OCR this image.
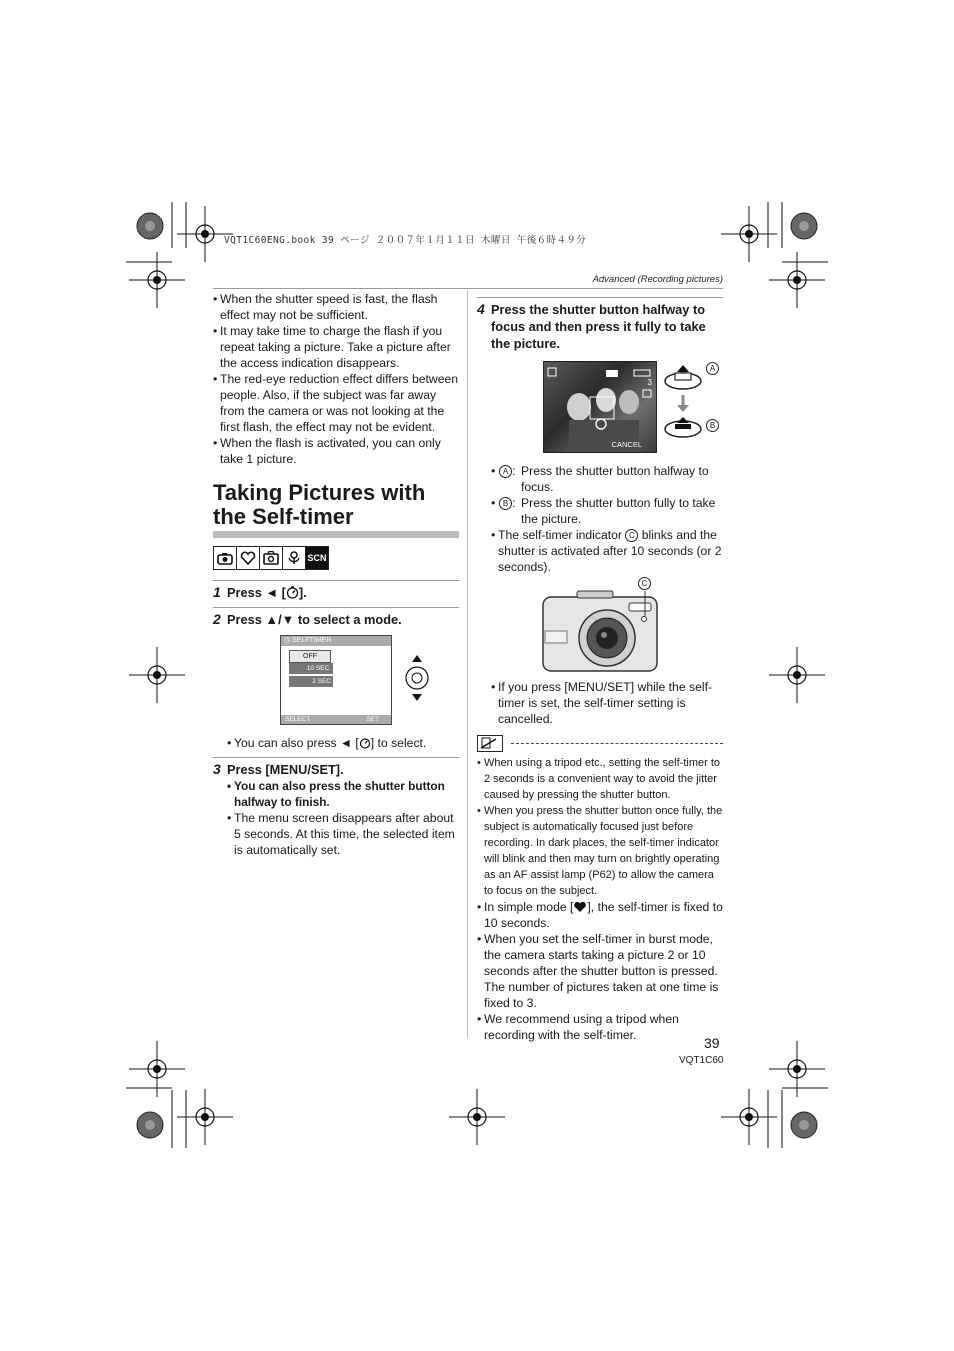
VQT1C60ENG.book 39 ページ ２００７年１月１１日 木曜日 午後６時４９分
Advanced (Recording pictures)

• When the shutter speed is fast, the flash effect may not be sufficient.

• It may take time to charge the flash if you repeat taking a picture. Take a picture after the access indication disappears.

• The red-eye reduction effect differs between people. Also, if the subject was far away from the camera or was not looking at the first flash, the effect may not be evident.

• When the flash is activated, you can only take 1 picture.

Taking Pictures with
the Self-timer
SCN
1 Press ◄ [ ].
2 Press ▲/▼ to select a mode.
◷ SELFTIMER
OFF
10 SEC.
2 SEC
SELECT	SET

• You can also press ◄ [ ] to select.

3 Press [MENU/SET].

• You can also press the shutter button halfway to finish.

• The menu screen disappears after about 5 seconds. At this time, the selected item is automatically set.

4 Press the shutter button halfway to focus and then press it fully to take the picture.
3
CANCEL
A
B

• A : Press the shutter button halfway to focus.

• B : Press the shutter button fully to take the picture.

• The self-timer indicator C blinks and the shutter is activated after 10 seconds (or 2 seconds).

C

• If you press [MENU/SET] while the self-timer is set, the self-timer setting is cancelled.

• When using a tripod etc., setting the self-timer to 2 seconds is a convenient way to avoid the jitter caused by pressing the shutter button.

• When you press the shutter button once fully, the subject is automatically focused just before recording. In dark places, the self-timer indicator will blink and then may turn on brightly operating as an AF assist lamp (P62) to allow the camera to focus on the subject.

• In simple mode [ ], the self-timer is fixed to 10 seconds.

• When you set the self-timer in burst mode, the camera starts taking a picture 2 or 10 seconds after the shutter button is pressed. The number of pictures taken at one time is fixed to 3.

• We recommend using a tripod when recording with the self-timer.	39
VQT1C60
